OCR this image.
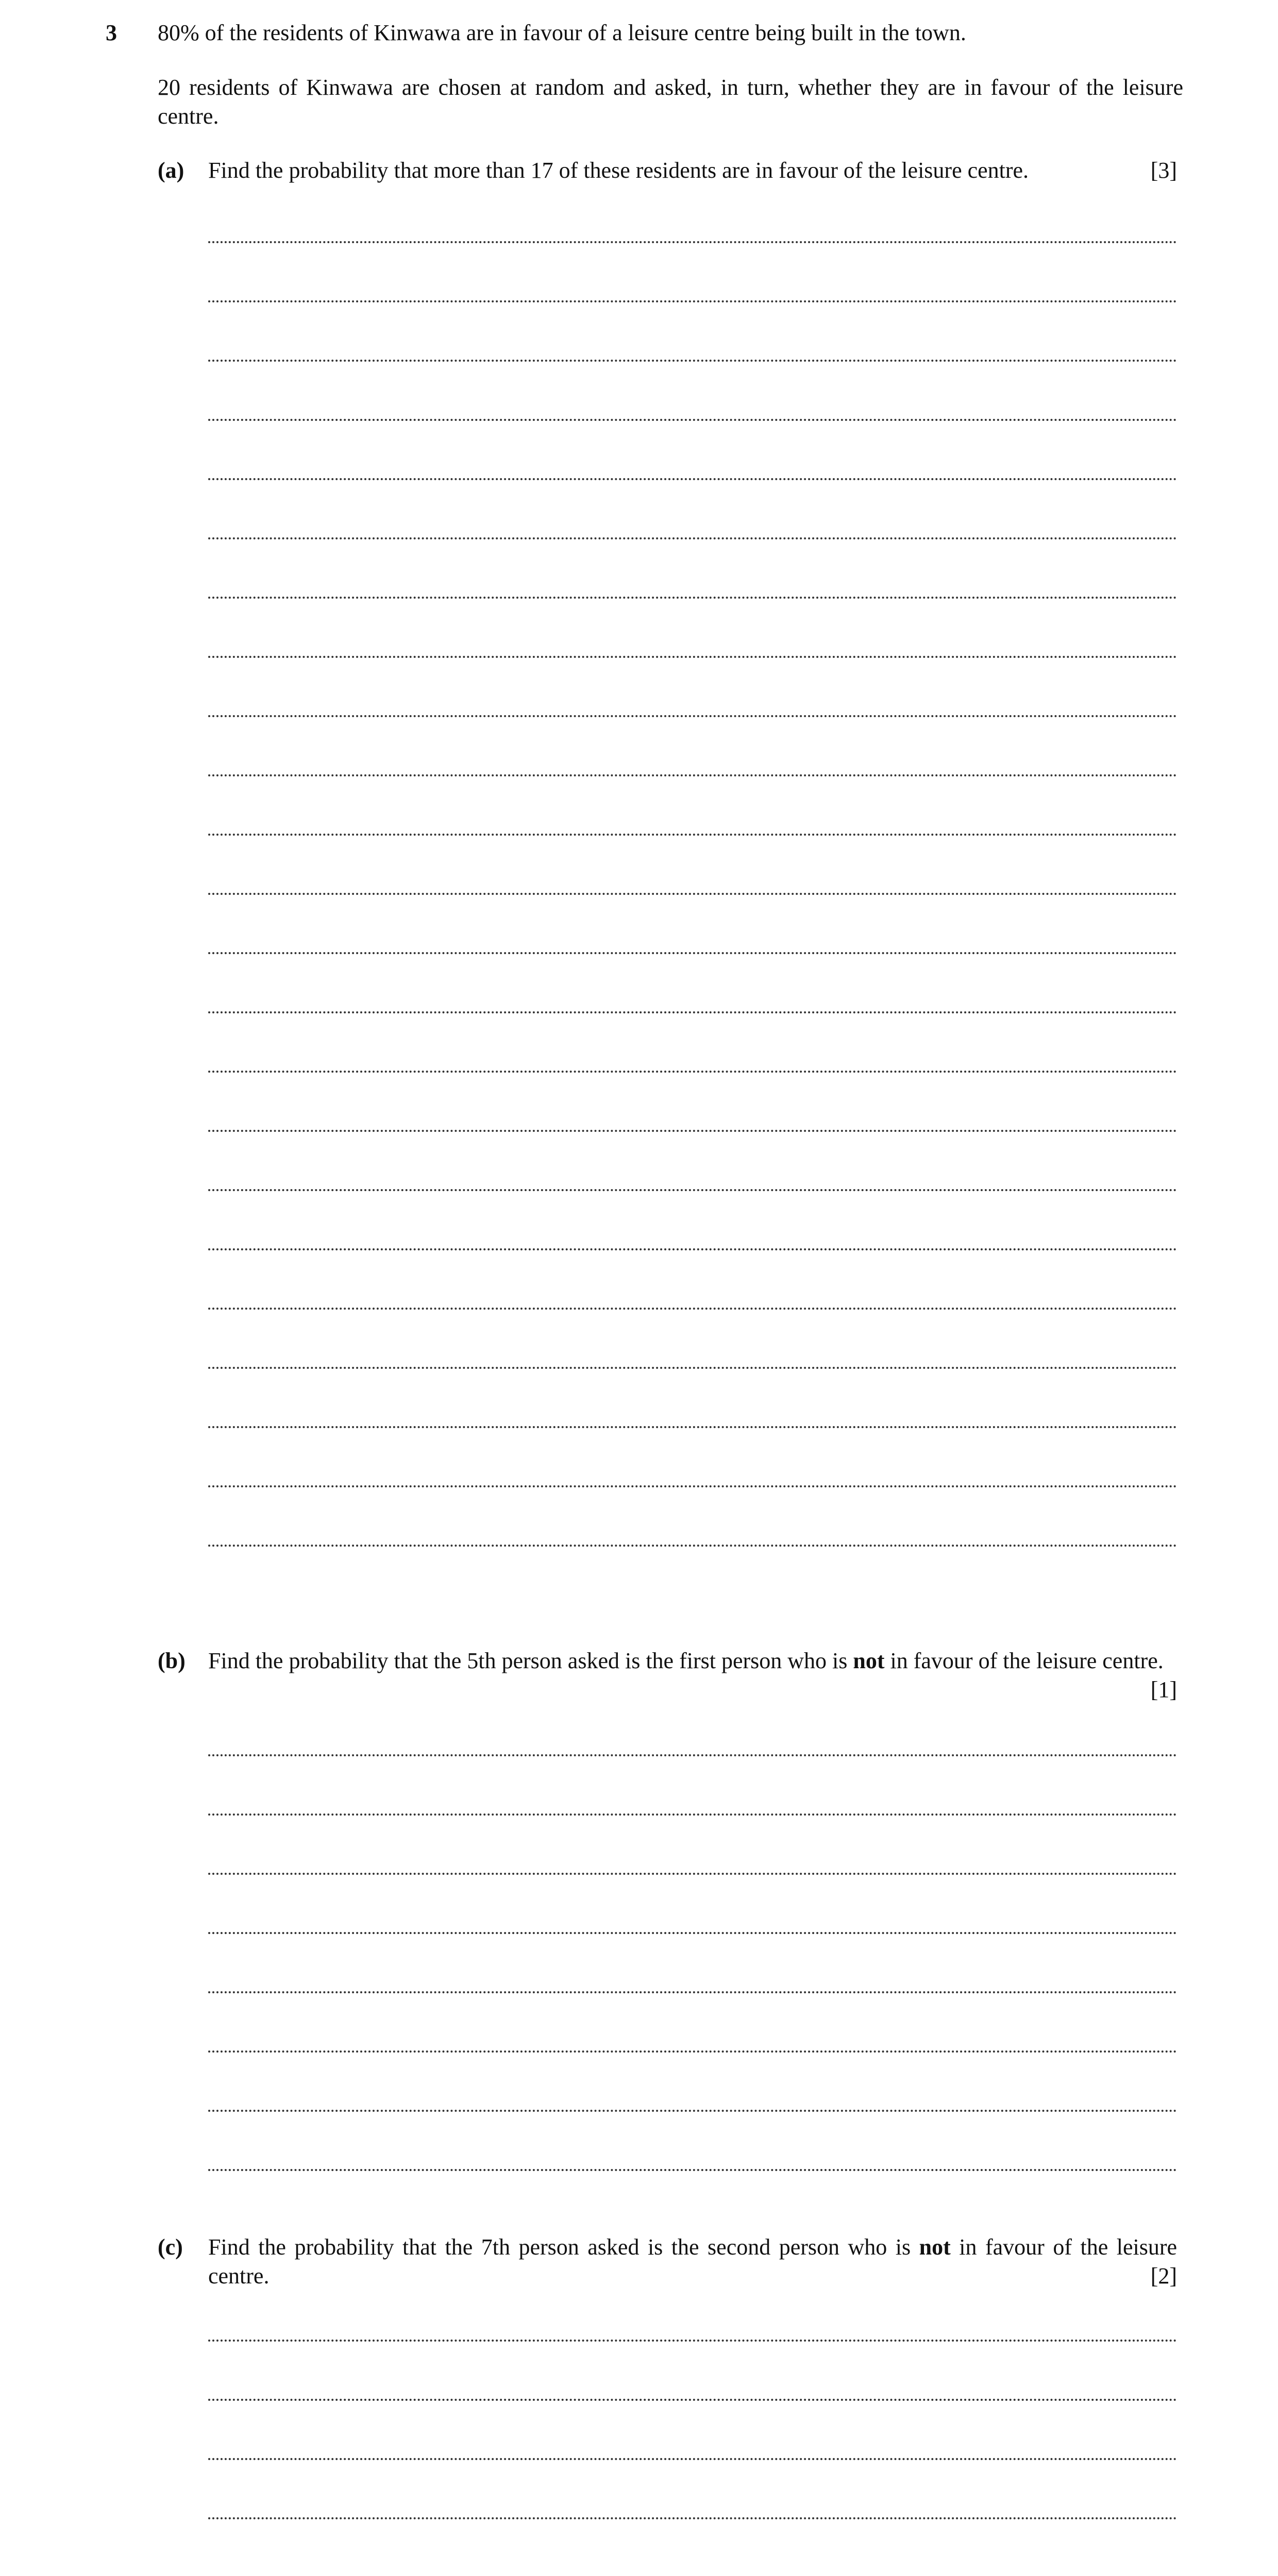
3 80% of the residents of Kinwawa are in favour of a leisure centre being built in the town.
20 residents of Kinwawa are chosen at random and asked, in turn, whether they are in favour of the leisure centre.
(a) Find the probability that more than 17 of these residents are in favour of the leisure centre.	[3]
(b) Find the probability that the 5th person asked is the first person who is not in favour of the leisure centre.
[1]
(c) Find the probability that the 7th person asked is the second person who is not in favour of the leisure centre.	[2]
